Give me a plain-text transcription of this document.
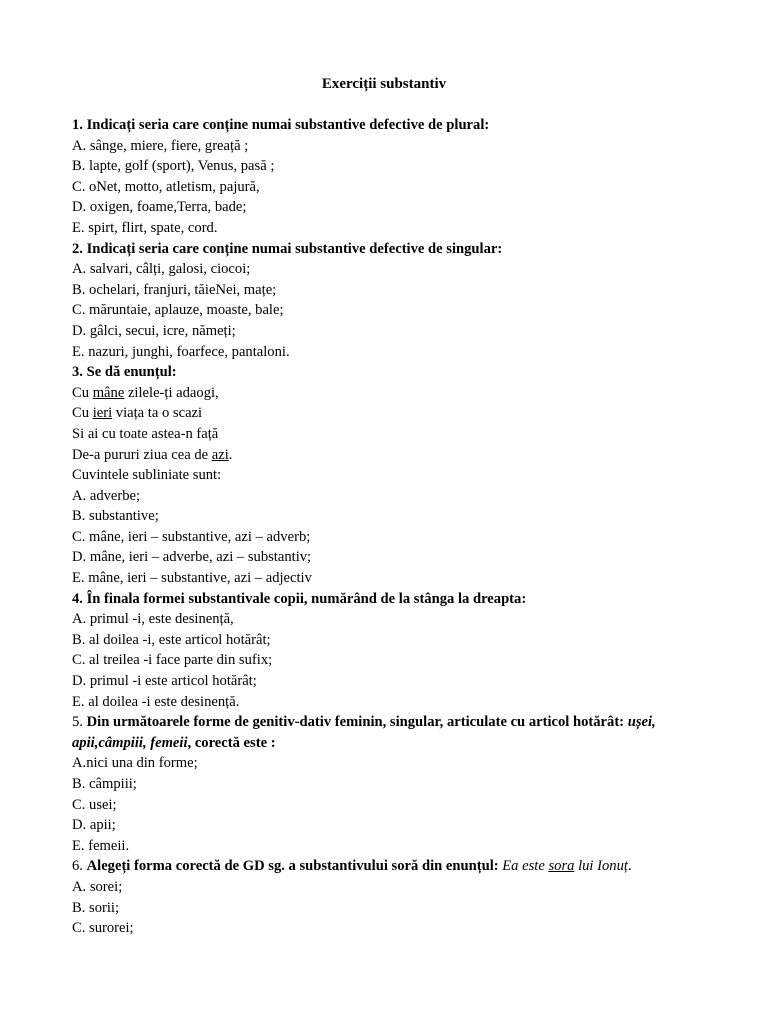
Exerciții substantiv
1. Indicați seria care conține numai substantive defective de plural:
A. sânge, miere, fiere, greață ;
B. lapte, golf (sport), Venus, pasă ;
C. oNet, motto, atletism, pajură,
D. oxigen, foame,Terra, bade;
E. spirt, flirt, spate, cord.
2. Indicați seria care conține numai substantive defective de singular:
A. salvari, câlți, galosi, ciocoi;
B. ochelari, franjuri, tăieNei, mațe;
C. măruntaie, aplauze, moaste, bale;
D. gâlci, secui, icre, nămeți;
E. nazuri, junghi, foarfece, pantaloni.
3. Se dă enunțul:
Cu mâne zilele-ți adaogi,
Cu ieri viața ta o scazi
Si ai cu toate astea-n față
De-a pururi ziua cea de azi.
Cuvintele subliniate sunt:
A. adverbe;
B. substantive;
C. mâne, ieri – substantive, azi – adverb;
D. mâne, ieri – adverbe, azi – substantiv;
E. mâne, ieri – substantive, azi – adjectiv
4. În finala formei substantivale copii, numărând de la stânga la dreapta:
A. primul -i, este desinență,
B. al doilea -i, este articol hotărât;
C. al treilea -i face parte din sufix;
D. primul -i este articol hotărât;
E. al doilea -i este desinență.
5. Din următoarele forme de genitiv-dativ feminin, singular, articulate cu articol hotărât: ușei,
apii,câmpiii, femeii, corectă este :
A.nici una din forme;
B. câmpiii;
C. usei;
D. apii;
E. femeii.
6. Alegeți forma corectă de GD sg. a substantivului soră din enunțul: Ea este sora lui Ionuț.
A. sorei;
B. sorii;
C. surorei;
